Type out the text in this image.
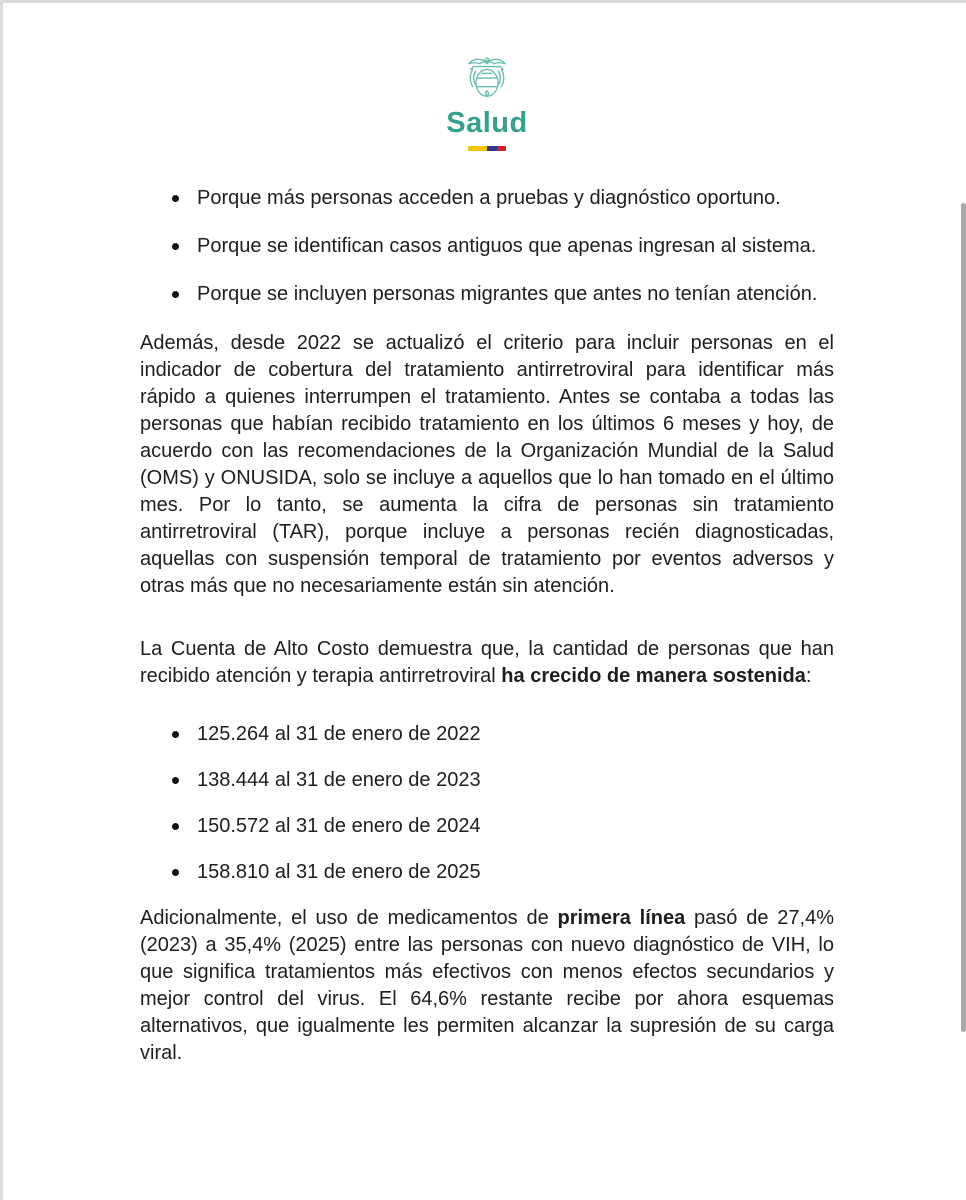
Salud
Porque más personas acceden a pruebas y diagnóstico oportuno.
Porque se identifican casos antiguos que apenas ingresan al sistema.
Porque se incluyen personas migrantes que antes no tenían atención.

Además, desde 2022 se actualizó el criterio para incluir personas en el indicador de cobertura del tratamiento antirretroviral para identificar más rápido a quienes interrumpen el tratamiento. Antes se contaba a todas las personas que habían recibido tratamiento en los últimos 6 meses y hoy, de acuerdo con las recomendaciones de la Organización Mundial de la Salud (OMS) y ONUSIDA, solo se incluye a aquellos que lo han tomado en el último mes. Por lo tanto, se aumenta la cifra de personas sin tratamiento antirretroviral (TAR), porque incluye a personas recién diagnosticadas, aquellas con suspensión temporal de tratamiento por eventos adversos y otras más que no necesariamente están sin atención.

La Cuenta de Alto Costo demuestra que, la cantidad de personas que han recibido atención y terapia antirretroviral ha crecido de manera sostenida:

125.264 al 31 de enero de 2022
138.444 al 31 de enero de 2023
150.572 al 31 de enero de 2024
158.810 al 31 de enero de 2025

Adicionalmente, el uso de medicamentos de primera línea pasó de 27,4% (2023) a 35,4% (2025) entre las personas con nuevo diagnóstico de VIH, lo que significa tratamientos más efectivos con menos efectos secundarios y mejor control del virus. El 64,6% restante recibe por ahora esquemas alternativos, que igualmente les permiten alcanzar la supresión de su carga viral.
